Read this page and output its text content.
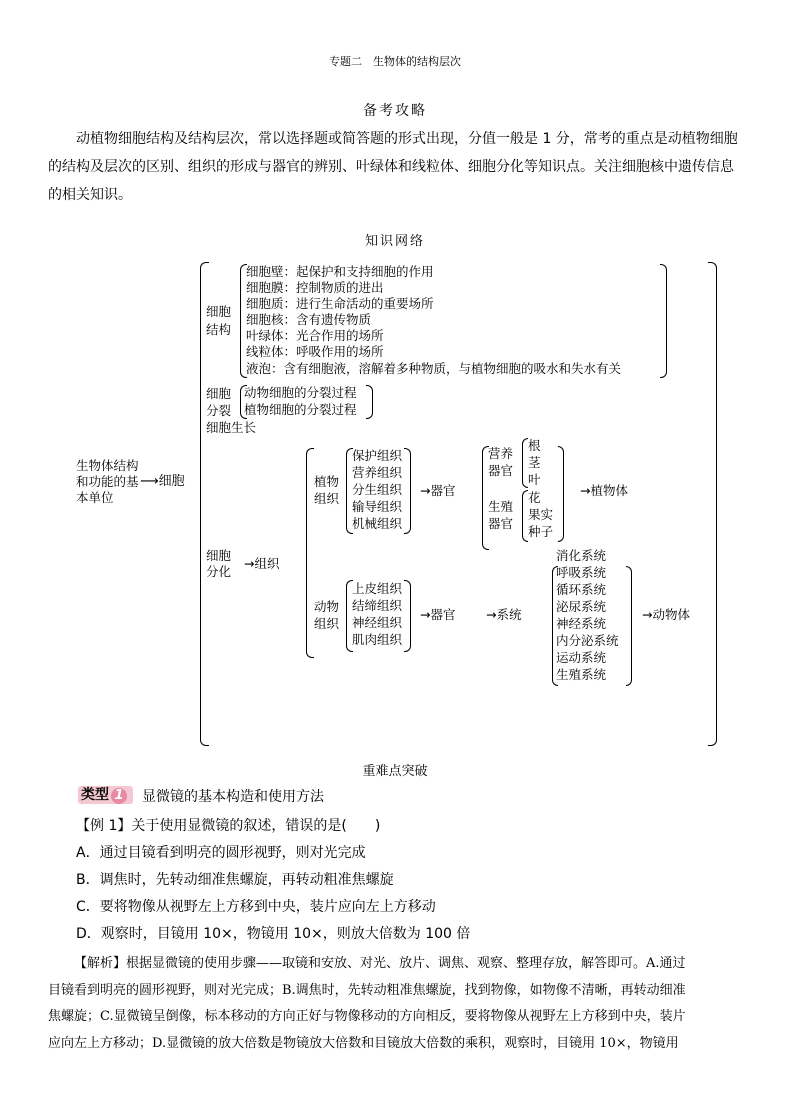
专题二　生物体的结构层次
备考攻略
动植物细胞结构及结构层次，常以选择题或简答题的形式出现，分值一般是 1 分，常考的重点是动植物细胞
的结构及层次的区别、组织的形成与器官的辨别、叶绿体和线粒体、细胞分化等知识点。关注细胞核中遗传信息
的相关知识。
知识网络
生物体结构
和功能的基
本单位
⟶细胞
细胞
结构
细胞壁：起保护和支持细胞的作用
细胞膜：控制物质的进出
细胞质：进行生命活动的重要场所
细胞核：含有遗传物质
叶绿体：光合作用的场所
线粒体：呼吸作用的场所
液泡：含有细胞液，溶解着多种物质，与植物细胞的吸水和失水有关
细胞
分裂
动物细胞的分裂过程
植物细胞的分裂过程
细胞生长
细胞
分化
→组织
植物
组织
保护组织
营养组织
分生组织
输导组织
机械组织
→器官
营养
器官
生殖
器官
根
茎
叶
花
果实
种子
→植物体
动物
组织
上皮组织
结缔组织
神经组织
肌肉组织
→器官 →系统
消化系统
呼吸系统
循环系统
泌尿系统
神经系统
内分泌系统
运动系统
生殖系统
→动物体
重难点突破
类型 1	显微镜的基本构造和使用方法
【例 1】关于使用显微镜的叙述，错误的是(　　)
A．通过目镜看到明亮的圆形视野，则对光完成
B．调焦时，先转动细准焦螺旋，再转动粗准焦螺旋
C．要将物像从视野左上方移到中央，装片应向左上方移动
D．观察时，目镜用 10×，物镜用 10×，则放大倍数为 100 倍
【解析】根据显微镜的使用步骤——取镜和安放、对光、放片、调焦、观察、整理存放，解答即可。A.通过
目镜看到明亮的圆形视野，则对光完成；B.调焦时，先转动粗准焦螺旋，找到物像，如物像不清晰，再转动细准
焦螺旋；C.显微镜呈倒像，标本移动的方向正好与物像移动的方向相反，要将物像从视野左上方移到中央，装片
应向左上方移动；D.显微镜的放大倍数是物镜放大倍数和目镜放大倍数的乘积，观察时，目镜用 10×，物镜用
